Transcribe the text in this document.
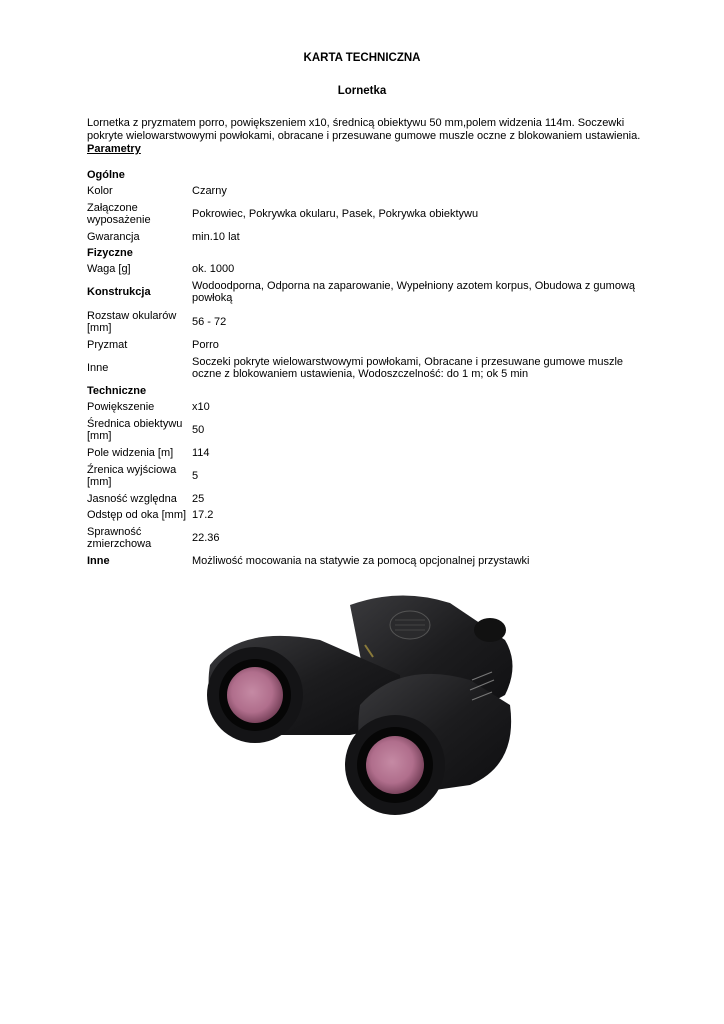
KARTA TECHNICZNA
Lornetka
Lornetka z pryzmatem porro, powiększeniem x10, średnicą obiektywu 50 mm,polem widzenia 114m. Soczewki pokryte wielowarstwowymi powłokami, obracane i przesuwane gumowe muszle oczne z blokowaniem ustawienia.
Parametry
Ogólne	
Kolor	Czarny
Załączone wyposażenie	Pokrowiec, Pokrywka okularu, Pasek, Pokrywka obiektywu
Gwarancja	min.10 lat
Fizyczne	
Waga [g]	ok. 1000
Konstrukcja	Wodoodporna, Odporna na zaparowanie, Wypełniony azotem korpus, Obudowa z gumową powłoką
Rozstaw okularów [mm]	56 - 72
Pryzmat	Porro
Inne	Soczeki pokryte wielowarstwowymi powłokami, Obracane i przesuwane gumowe muszle oczne z blokowaniem ustawienia, Wodoszczelność: do 1 m; ok 5 min
Techniczne	
Powiększenie	x10
Średnica obiektywu [mm]	50
Pole widzenia [m]	114
Źrenica wyjściowa [mm]	5
Jasność względna	25
Odstęp od oka [mm]	17.2
Sprawność zmierzchowa	22.36
Inne	Możliwość mocowania na statywie za pomocą opcjonalnej przystawki
